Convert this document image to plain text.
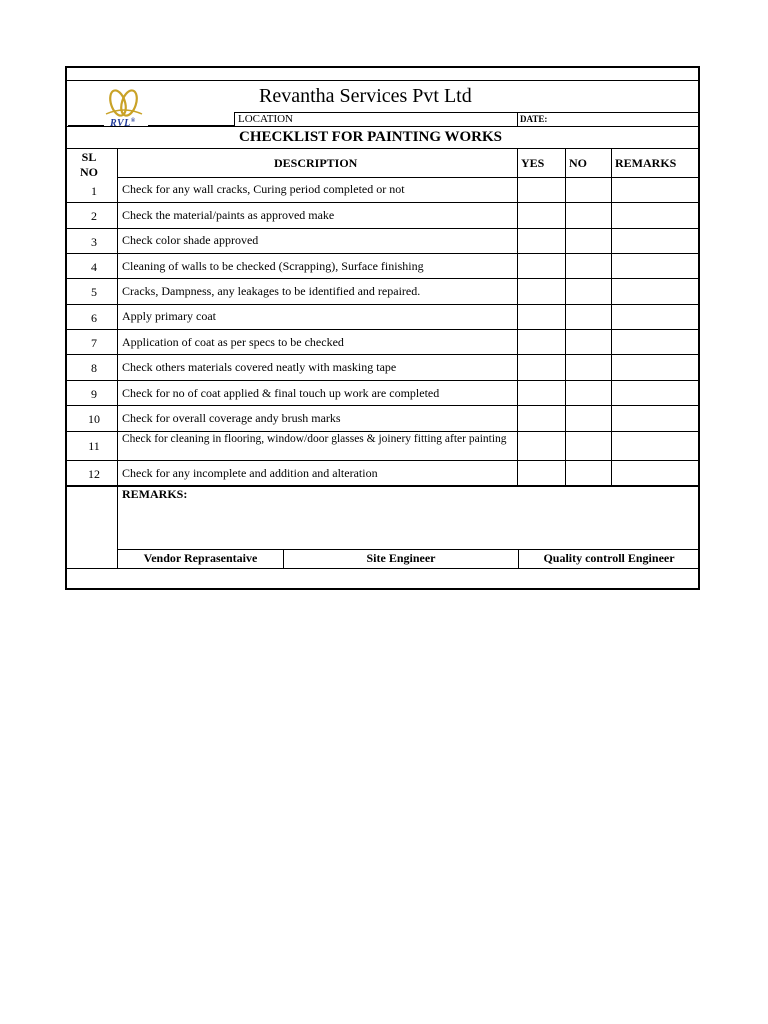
RVL®
Revantha Services Pvt Ltd
LOCATION	DATE:
CHECKLIST FOR PAINTING WORKS
SL NO
DESCRIPTION	YES NO REMARKS
1	Check for any wall cracks, Curing period completed or not
2	Check the material/paints as approved make
3	Check color shade approved
4	Cleaning of walls to be checked (Scrapping), Surface finishing
5	Cracks, Dampness, any leakages to be identified and repaired.
6	Apply primary coat
7	Application of coat as per specs to be checked
8	Check others materials covered neatly with masking tape
9	Check for no of coat applied & final touch up work are completed
10	Check for overall coverage andy brush marks
11	Check for cleaning in flooring, window/door glasses & joinery fitting after painting
12	Check for any incomplete and addition and alteration
REMARKS:
Vendor Reprasentaive	Site Engineer	Quality controll Engineer
